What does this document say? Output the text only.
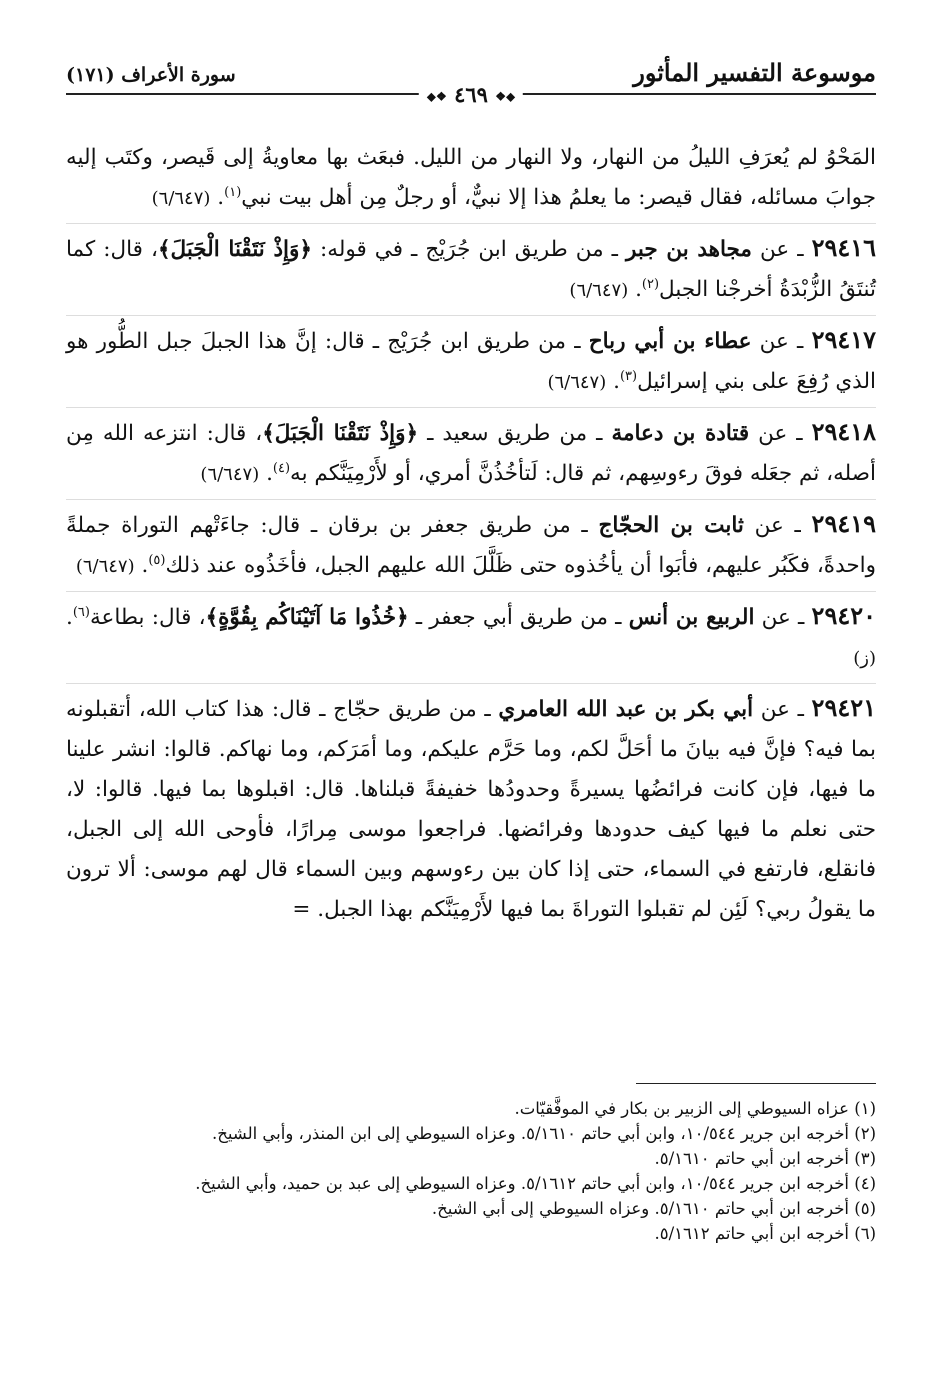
موسوعة التفسير المأثور
سورة الأعراف (١٧١)
◆❖ ٤٦٩ ❖◆

المَحْوُ لم يُعرَفِ الليلُ من النهار، ولا النهار من الليل. فبعَث بها معاويةُ إلى قَيصر، وكتَب إليه جوابَ مسائله، فقال قيصر: ما يعلمُ هذا إلا نبيٌّ، أو رجلٌ مِن أهل بيت نبي$^{(١)}$. (٦/٦٤٧)

٢٩٤١٦ ـ عن مجاهد بن جبر ـ من طريق ابن جُرَيْج ـ في قوله: ﴿وَإِذْ نَتَقْنَا الْجَبَلَ﴾، قال: كما تُنتَقُ الزُّبْدَةُ أخرجْنا الجبل$^{(٢)}$. (٦/٦٤٧)

٢٩٤١٧ ـ عن عطاء بن أبي رباح ـ من طريق ابن جُرَيْج ـ قال: إنَّ هذا الجبلَ جبل الطُّور هو الذي رُفِعَ على بني إسرائيل$^{(٣)}$. (٦/٦٤٧)

٢٩٤١٨ ـ عن قتادة بن دعامة ـ من طريق سعيد ـ ﴿وَإِذْ نَتَقْنَا الْجَبَلَ﴾، قال: انتزعه الله مِن أصله، ثم جعَله فوقَ رءوسِهم، ثم قال: لَتأخُذُنَّ أمري، أو لأَرْمِيَنَّكم به$^{(٤)}$. (٦/٦٤٧)

٢٩٤١٩ ـ عن ثابت بن الحجّاج ـ من طريق جعفر بن برقان ـ قال: جاءَتْهم التوراة جملةً واحدةً، فكَبُر عليهم، فأبَوا أن يأخُذوه حتى ظَلَّلَ الله عليهم الجبل، فأخَذُوه عند ذلك$^{(٥)}$. (٦/٦٤٧)

٢٩٤٢٠ ـ عن الربيع بن أنس ـ من طريق أبي جعفر ـ ﴿خُذُوا مَا آتَيْنَاكُم بِقُوَّةٍ﴾، قال: بطاعة$^{(٦)}$. (ز)

٢٩٤٢١ ـ عن أبي بكر بن عبد الله العامري ـ من طريق حجّاج ـ قال: هذا كتاب الله، أتقبلونه بما فيه؟ فإنَّ فيه بيانَ ما أحَلَّ لكم، وما حَرَّم عليكم، وما أمَرَكم، وما نهاكم. قالوا: انشر علينا ما فيها، فإن كانت فرائضُها يسيرةً وحدودُها خفيفةً قبلناها. قال: اقبلوها بما فيها. قالوا: لا، حتى نعلم ما فيها كيف حدودها وفرائضها. فراجعوا موسى مِرارًا، فأوحى الله إلى الجبل، فانقلع، فارتفع في السماء، حتى إذا كان بين رءوسهم وبين السماء قال لهم موسى: ألا ترون ما يقولُ ربي؟ لَئِن لم تقبلوا التوراةَ بما فيها لأَرْمِيَنَّكم بهذا الجبل. =

(١) عزاه السيوطي إلى الزبير بن بكار في الموفَّقيّات.

(٢) أخرجه ابن جرير ١٠/٥٤٤، وابن أبي حاتم ٥/١٦١٠. وعزاه السيوطي إلى ابن المنذر، وأبي الشيخ.

(٣) أخرجه ابن أبي حاتم ٥/١٦١٠.

(٤) أخرجه ابن جرير ١٠/٥٤٤، وابن أبي حاتم ٥/١٦١٢. وعزاه السيوطي إلى عبد بن حميد، وأبي الشيخ.

(٥) أخرجه ابن أبي حاتم ٥/١٦١٠. وعزاه السيوطي إلى أبي الشيخ.

(٦) أخرجه ابن أبي حاتم ٥/١٦١٢.
